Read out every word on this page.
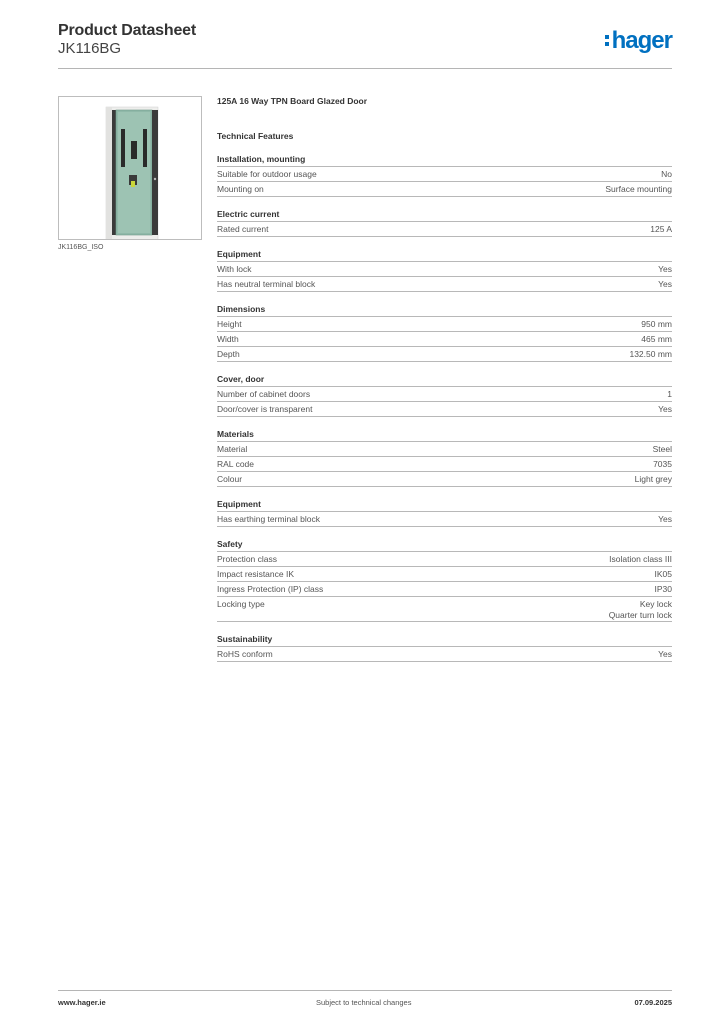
Product Datasheet
JK116BG	hager
JK116BG_ISO
125A 16 Way TPN Board Glazed Door
Technical Features
Installation, mounting
Suitable for outdoor usage	No
Mounting on	Surface mounting
Electric current
Rated current	125 A
Equipment
With lock	Yes
Has neutral terminal block	Yes
Dimensions
Height	950 mm
Width	465 mm
Depth	132.50 mm
Cover, door
Number of cabinet doors	1
Door/cover is transparent	Yes
Materials
Material	Steel
RAL code	7035
Colour	Light grey
Equipment
Has earthing terminal block	Yes
Safety
Protection class	Isolation class III
Impact resistance IK	IK05
Ingress Protection (IP) class	IP30
Locking type	Key lock
Quarter turn lock
Sustainability
RoHS conform	Yes
www.hager.ie	Subject to technical changes	07.09.2025
